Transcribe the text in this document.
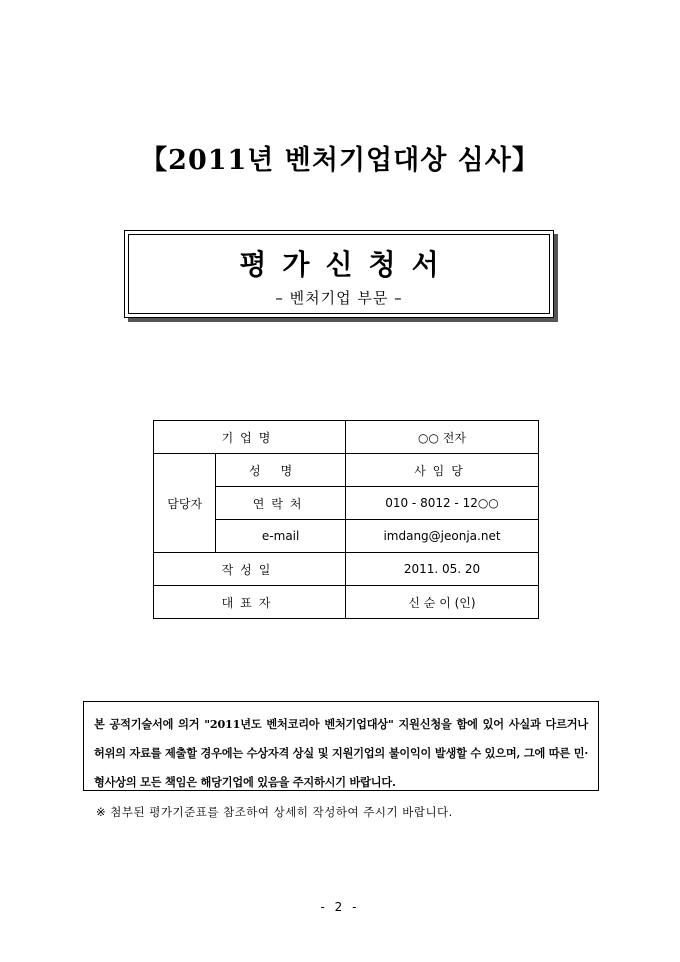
【2011년 벤처기업대상 심사】
평가신청서
– 벤처기업 부문 –
기업명		○○ 전자
담당자	성명	사임당
	연락처	010 - 8012 - 12○○
	e-mail	imdang@jeonja.net
작성일		2011. 05. 20
대표자		신 순 이 (인)
본 공적기술서에 의거 "2011년도 벤처코리아 벤처기업대상" 지원신청을 함에 있어 사실과 다르거나 허위의 자료를 제출할 경우에는 수상자격 상실 및 지원기업의 불이익이 발생할 수 있으며, 그에 따른 민·형사상의 모든 책임은 해당기업에 있음을 주지하시기 바랍니다.
※ 첨부된 평가기준표를 참조하여 상세히 작성하여 주시기 바랍니다.
- 2 -
